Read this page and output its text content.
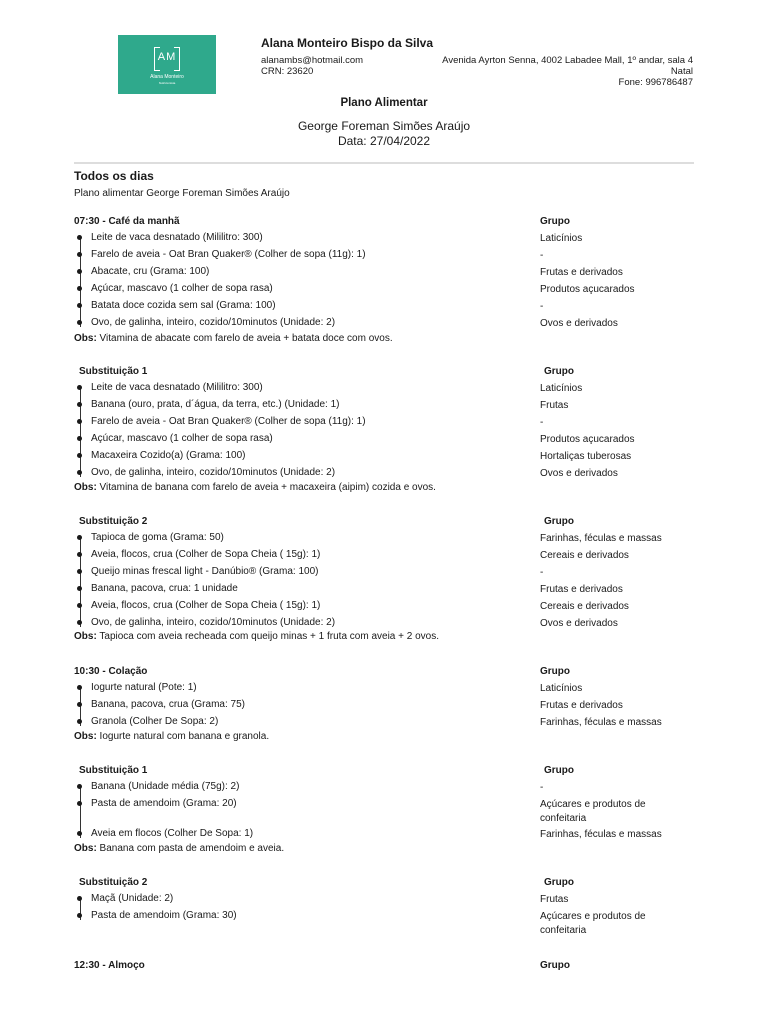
AM
Alana Monteiro
Nutricionista
Alana Monteiro Bispo da Silva
alanambs@hotmail.com
CRN: 23620
Avenida Ayrton Senna, 4002 Labadee Mall, 1º andar, sala 4
Natal
Fone: 996786487
Plano Alimentar
George Foreman Simões Araújo
Data: 27/04/2022
Todos os dias
Plano alimentar George Foreman Simões Araújo
07:30 - Café da manhã	Grupo
Leite de vaca desnatado (Mililitro: 300)	Laticínios
Farelo de aveia - Oat Bran Quaker® (Colher de sopa (11g): 1)	-
Abacate, cru (Grama: 100)	Frutas e derivados
Açúcar, mascavo (1 colher de sopa rasa)	Produtos açucarados
Batata doce cozida sem sal (Grama: 100)	-
Ovo, de galinha, inteiro, cozido/10minutos (Unidade: 2)	Ovos e derivados
Obs: Vitamina de abacate com farelo de aveia + batata doce com ovos.
Substituição 1	Grupo
Leite de vaca desnatado (Mililitro: 300)	Laticínios
Banana (ouro, prata, d´água, da terra, etc.) (Unidade: 1)	Frutas
Farelo de aveia - Oat Bran Quaker® (Colher de sopa (11g): 1)	-
Açúcar, mascavo (1 colher de sopa rasa)	Produtos açucarados
Macaxeira Cozido(a) (Grama: 100)	Hortaliças tuberosas
Ovo, de galinha, inteiro, cozido/10minutos (Unidade: 2)	Ovos e derivados
Obs: Vitamina de banana com farelo de aveia + macaxeira (aipim) cozida e ovos.
Substituição 2	Grupo
Tapioca de goma (Grama: 50)	Farinhas, féculas e massas
Aveia, flocos, crua (Colher de Sopa Cheia ( 15g): 1)	Cereais e derivados
Queijo minas frescal light - Danúbio® (Grama: 100)	-
Banana, pacova, crua: 1 unidade	Frutas e derivados
Aveia, flocos, crua (Colher de Sopa Cheia ( 15g): 1)	Cereais e derivados
Ovo, de galinha, inteiro, cozido/10minutos (Unidade: 2)	Ovos e derivados
Obs: Tapioca com aveia recheada com queijo minas + 1 fruta com aveia + 2 ovos.
10:30 - Colação	Grupo
Iogurte natural (Pote: 1)	Laticínios
Banana, pacova, crua (Grama: 75)	Frutas e derivados
Granola (Colher De Sopa: 2)	Farinhas, féculas e massas
Obs: Iogurte natural com banana e granola.
Substituição 1	Grupo
Banana (Unidade média (75g): 2)	-
Pasta de amendoim (Grama: 20)	Açúcares e produtos de confeitaria
Aveia em flocos (Colher De Sopa: 1)	Farinhas, féculas e massas
Obs: Banana com pasta de amendoim e aveia.
Substituição 2	Grupo
Maçã (Unidade: 2)	Frutas
Pasta de amendoim (Grama: 30)	Açúcares e produtos de confeitaria
12:30 - Almoço	Grupo
